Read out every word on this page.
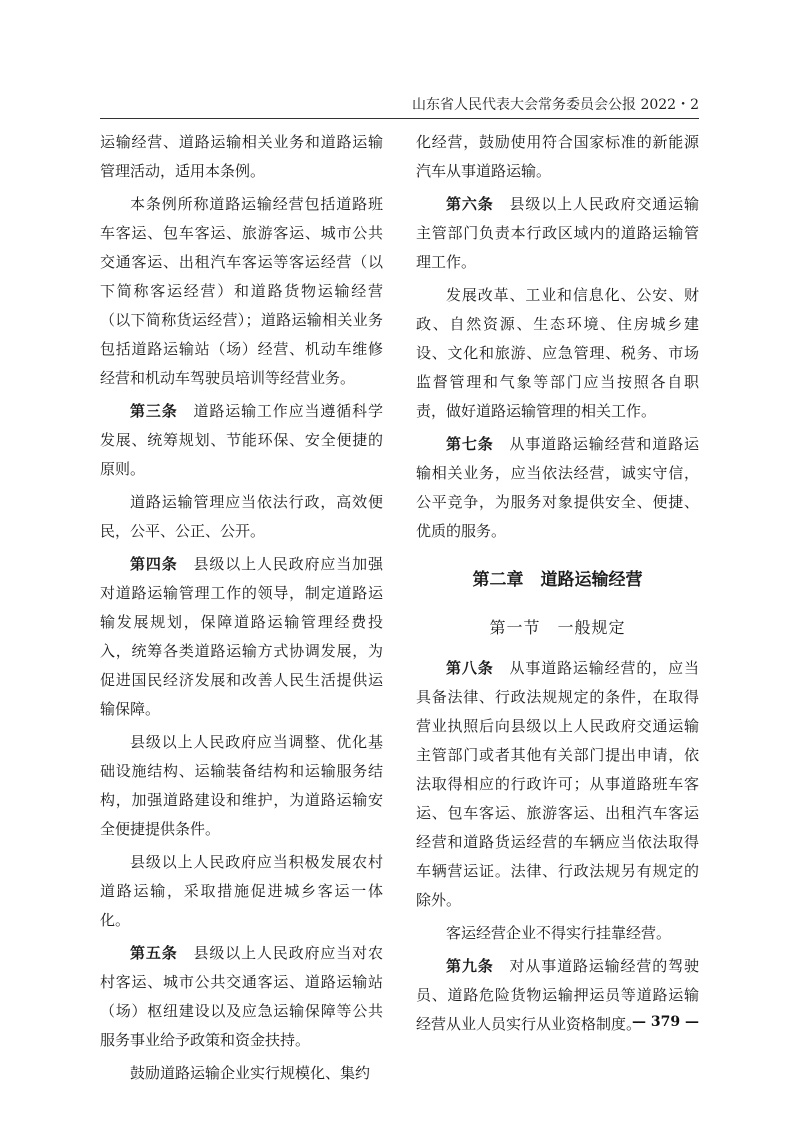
山东省人民代表大会常务委员会公报 2022・2

运输经营、道路运输相关业务和道路运输管理活动，适用本条例。

本条例所称道路运输经营包括道路班车客运、包车客运、旅游客运、城市公共交通客运、出租汽车客运等客运经营（以下简称客运经营）和道路货物运输经营（以下简称货运经营）；道路运输相关业务包括道路运输站（场）经营、机动车维修经营和机动车驾驶员培训等经营业务。

第三条　道路运输工作应当遵循科学发展、统筹规划、节能环保、安全便捷的原则。

道路运输管理应当依法行政，高效便民，公平、公正、公开。

第四条　县级以上人民政府应当加强对道路运输管理工作的领导，制定道路运输发展规划，保障道路运输管理经费投入，统筹各类道路运输方式协调发展，为促进国民经济发展和改善人民生活提供运输保障。

县级以上人民政府应当调整、优化基础设施结构、运输装备结构和运输服务结构，加强道路建设和维护，为道路运输安全便捷提供条件。

县级以上人民政府应当积极发展农村道路运输，采取措施促进城乡客运一体化。

第五条　县级以上人民政府应当对农村客运、城市公共交通客运、道路运输站（场）枢纽建设以及应急运输保障等公共服务事业给予政策和资金扶持。

鼓励道路运输企业实行规模化、集约

化经营，鼓励使用符合国家标准的新能源汽车从事道路运输。

第六条　县级以上人民政府交通运输主管部门负责本行政区域内的道路运输管理工作。

发展改革、工业和信息化、公安、财政、自然资源、生态环境、住房城乡建设、文化和旅游、应急管理、税务、市场监督管理和气象等部门应当按照各自职责，做好道路运输管理的相关工作。

第七条　从事道路运输经营和道路运输相关业务，应当依法经营，诚实守信，公平竞争，为服务对象提供安全、便捷、优质的服务。

第二章　道路运输经营
第一节　一般规定

第八条　从事道路运输经营的，应当具备法律、行政法规规定的条件，在取得营业执照后向县级以上人民政府交通运输主管部门或者其他有关部门提出申请，依法取得相应的行政许可；从事道路班车客运、包车客运、旅游客运、出租汽车客运经营和道路货运经营的车辆应当依法取得车辆营运证。法律、行政法规另有规定的除外。

客运经营企业不得实行挂靠经营。

第九条　对从事道路运输经营的驾驶员、道路危险货物运输押运员等道路运输经营从业人员实行从业资格制度。

— 379 —
